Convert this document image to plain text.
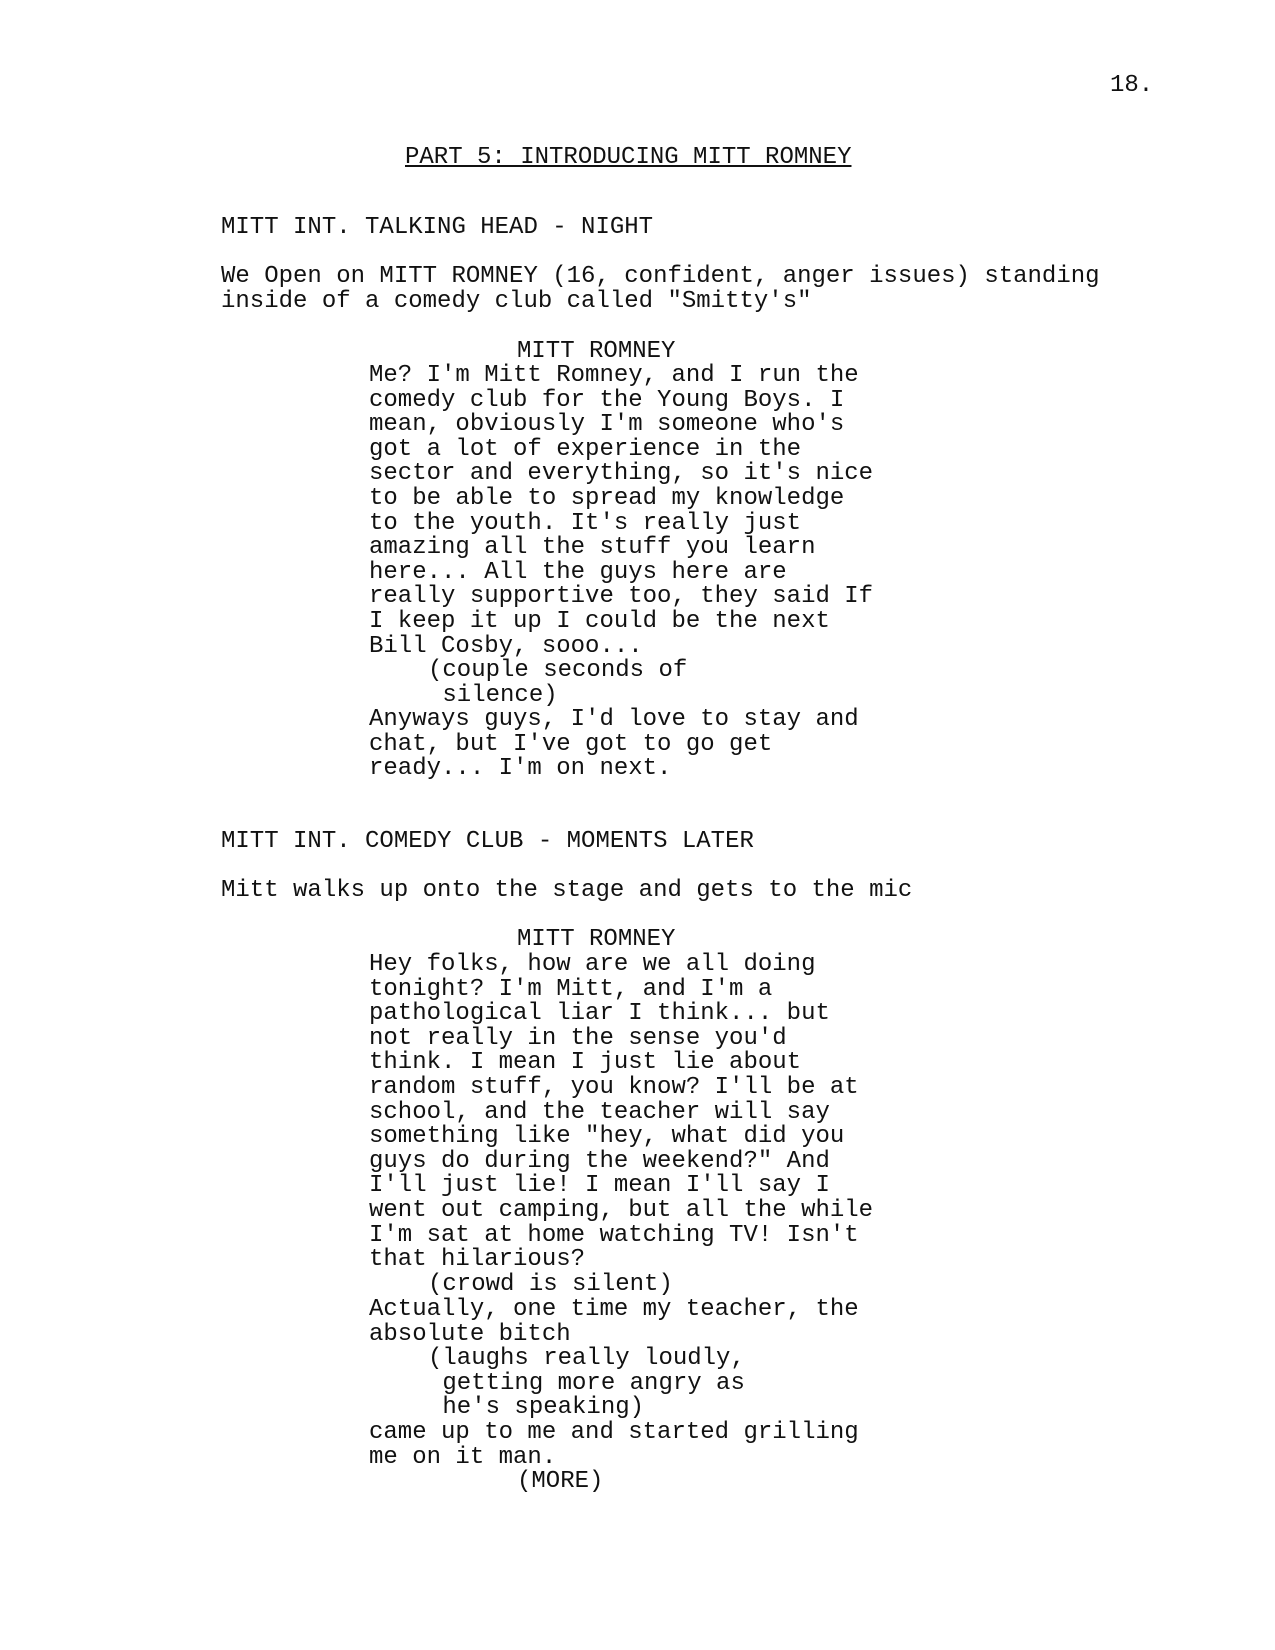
18.
PART 5: INTRODUCING MITT ROMNEY
MITT INT. TALKING HEAD - NIGHT
We Open on MITT ROMNEY (16, confident, anger issues) standing
inside of a comedy club called "Smitty's"
MITT ROMNEY
Me? I'm Mitt Romney, and I run the
comedy club for the Young Boys. I
mean, obviously I'm someone who's
got a lot of experience in the
sector and everything, so it's nice
to be able to spread my knowledge
to the youth. It's really just
amazing all the stuff you learn
here... All the guys here are
really supportive too, they said If
I keep it up I could be the next
Bill Cosby, sooo...
(couple seconds of
silence)
Anyways guys, I'd love to stay and
chat, but I've got to go get
ready... I'm on next.
MITT INT. COMEDY CLUB - MOMENTS LATER
Mitt walks up onto the stage and gets to the mic
MITT ROMNEY
Hey folks, how are we all doing
tonight? I'm Mitt, and I'm a
pathological liar I think... but
not really in the sense you'd
think. I mean I just lie about
random stuff, you know? I'll be at
school, and the teacher will say
something like "hey, what did you
guys do during the weekend?" And
I'll just lie! I mean I'll say I
went out camping, but all the while
I'm sat at home watching TV! Isn't
that hilarious?
(crowd is silent)
Actually, one time my teacher, the
absolute bitch
(laughs really loudly,
getting more angry as
he's speaking)
came up to me and started grilling
me on it man.
(MORE)
